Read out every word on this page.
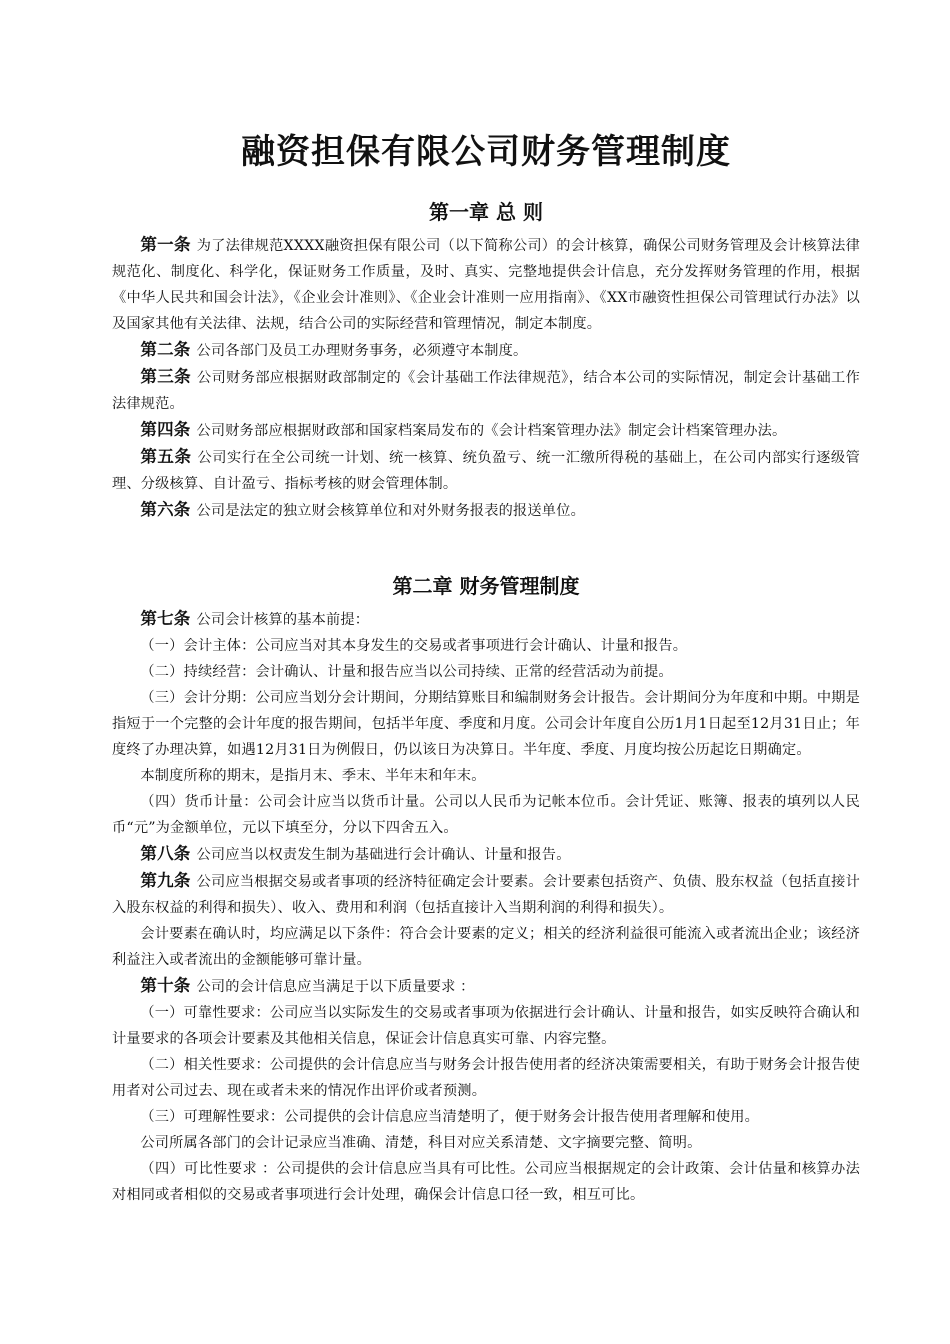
融资担保有限公司财务管理制度
第一章 总 则

第一条 为了法律规范XXXX融资担保有限公司（以下简称公司）的会计核算，确保公司财务管理及会计核算法律规范化、制度化、科学化，保证财务工作质量，及时、真实、完整地提供会计信息，充分发挥财务管理的作用，根据《中华人民共和国会计法》，《企业会计准则》、《企业会计准则一应用指南》、《XX市融资性担保公司管理试行办法》以及国家其他有关法律、法规，结合公司的实际经营和管理情况，制定本制度。

第二条 公司各部门及员工办理财务事务，必须遵守本制度。

第三条 公司财务部应根据财政部制定的《会计基础工作法律规范》，结合本公司的实际情况，制定会计基础工作法律规范。

第四条 公司财务部应根据财政部和国家档案局发布的《会计档案管理办法》制定会计档案管理办法。

第五条 公司实行在全公司统一计划、统一核算、统负盈亏、统一汇缴所得税的基础上，在公司内部实行逐级管理、分级核算、自计盈亏、指标考核的财会管理体制。

第六条 公司是法定的独立财会核算单位和对外财务报表的报送单位。

第二章 财务管理制度

第七条 公司会计核算的基本前提：

（一）会计主体：公司应当对其本身发生的交易或者事项进行会计确认、计量和报告。

（二）持续经营：会计确认、计量和报告应当以公司持续、正常的经营活动为前提。

（三）会计分期：公司应当划分会计期间，分期结算账目和编制财务会计报告。会计期间分为年度和中期。中期是指短于一个完整的会计年度的报告期间，包括半年度、季度和月度。公司会计年度自公历1月1日起至12月31日止；年度终了办理决算，如遇12月31日为例假日，仍以该日为决算日。半年度、季度、月度均按公历起讫日期确定。

本制度所称的期末，是指月末、季末、半年末和年末。

（四）货币计量：公司会计应当以货币计量。公司以人民币为记帐本位币。会计凭证、账簿、报表的填列以人民币“元”为金额单位，元以下填至分，分以下四舍五入。

第八条 公司应当以权责发生制为基础进行会计确认、计量和报告。

第九条 公司应当根据交易或者事项的经济特征确定会计要素。会计要素包括资产、负债、股东权益（包括直接计入股东权益的利得和损失）、收入、费用和利润（包括直接计入当期利润的利得和损失）。

会计要素在确认时，均应满足以下条件：符合会计要素的定义；相关的经济利益很可能流入或者流出企业；该经济利益注入或者流出的金额能够可靠计量。

第十条 公司的会计信息应当满足于以下质量要求 ：

（一）可靠性要求：公司应当以实际发生的交易或者事项为依据进行会计确认、计量和报告，如实反映符合确认和计量要求的各项会计要素及其他相关信息，保证会计信息真实可靠、内容完整。

（二）相关性要求：公司提供的会计信息应当与财务会计报告使用者的经济决策需要相关，有助于财务会计报告使用者对公司过去、现在或者未来的情况作出评价或者预测。

（三）可理解性要求：公司提供的会计信息应当清楚明了，便于财务会计报告使用者理解和使用。

公司所属各部门的会计记录应当准确、清楚，科目对应关系清楚、文字摘要完整、简明。

（四）可比性要求 ：公司提供的会计信息应当具有可比性。公司应当根据规定的会计政策、会计估量和核算办法对相同或者相似的交易或者事项进行会计处理，确保会计信息口径一致，相互可比。
